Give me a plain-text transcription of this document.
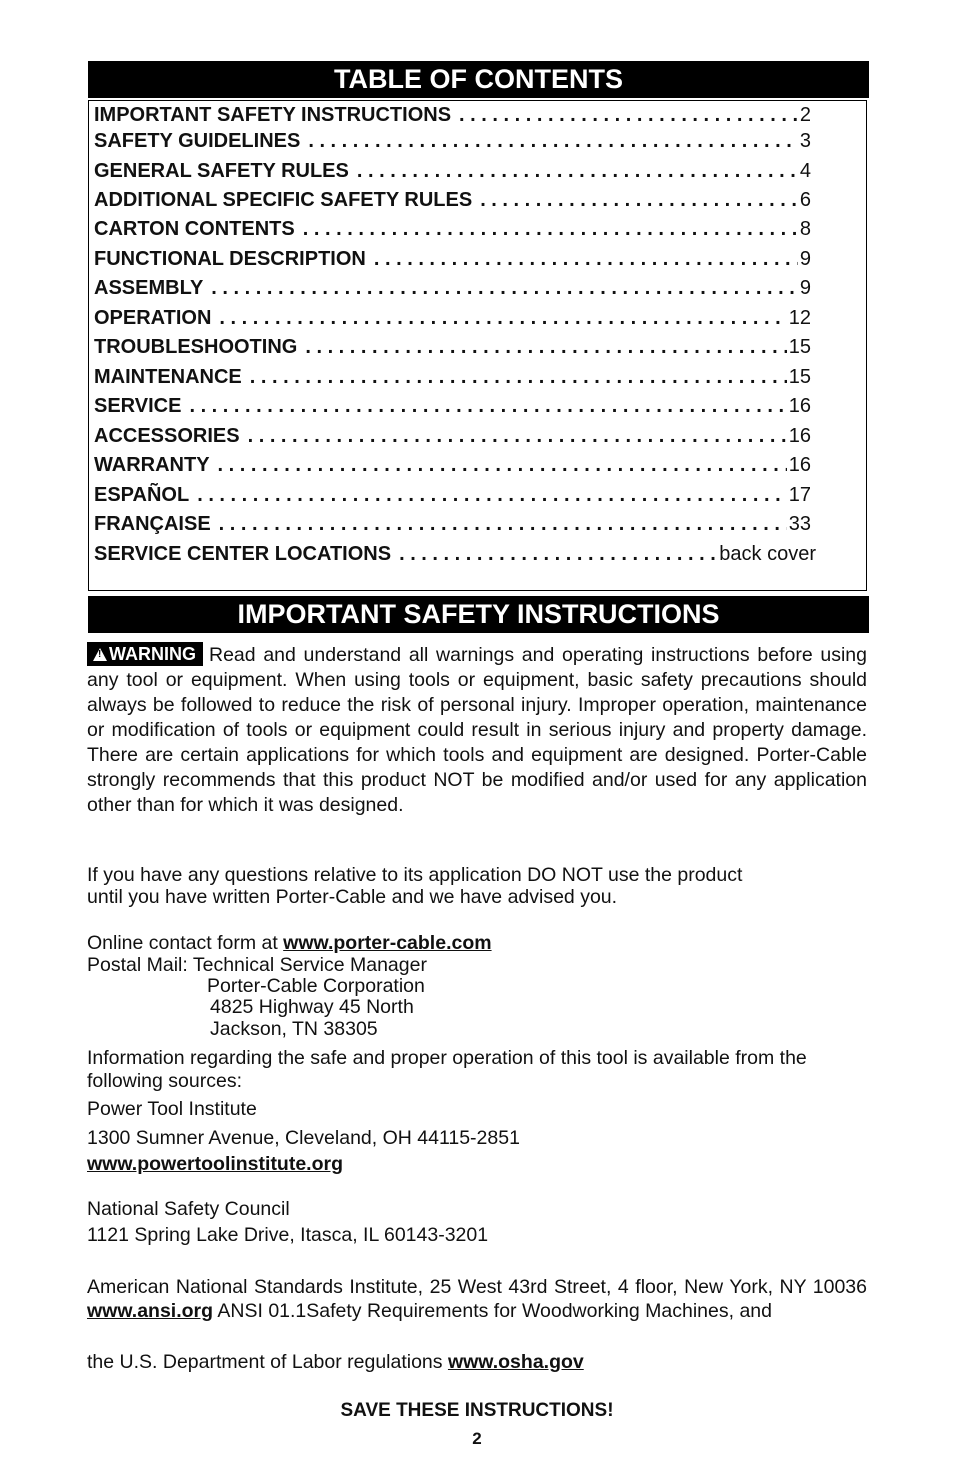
TABLE OF CONTENTS
IMPORTANT SAFETY INSTRUCTIONS . . .	2
SAFETY GUIDELINES . . .	3
GENERAL SAFETY RULES . . .	4
ADDITIONAL SPECIFIC SAFETY RULES . . .	6
CARTON CONTENTS . . .	8
FUNCTIONAL DESCRIPTION . . .	9
ASSEMBLY . . .	9
OPERATION . . .	12
TROUBLESHOOTING . . .	15
MAINTENANCE . . .	15
SERVICE . . .	16
ACCESSORIES . . .	16
WARRANTY . . .	16
ESPAÑOL . . .	17
FRANÇAISE . . .	33
SERVICE CENTER LOCATIONS . . .	back cover
IMPORTANT SAFETY INSTRUCTIONS
!WARNING Read and understand all warnings and operating instructions before using any tool or equipment. When using tools or equipment, basic safety precautions should always be followed to reduce the risk of personal injury. Improper operation, maintenance or modification of tools or equipment could result in serious injury and property damage. There are certain applications for which tools and equipment are designed. Porter-Cable strongly recommends that this product NOT be modified and/or used for any application other than for which it was designed.
If you have any questions relative to its application DO NOT use the product
until you have written Porter-Cable and we have advised you.
Online contact form at www.porter-cable.com
Postal Mail: Technical Service Manager
Porter-Cable Corporation
4825 Highway 45 North
Jackson, TN 38305
Information regarding the safe and proper operation of this tool is available from the following sources:
Power Tool Institute
1300 Sumner Avenue, Cleveland, OH 44115-2851
www.powertoolinstitute.org
National Safety Council
1121 Spring Lake Drive, Itasca, IL 60143-3201
American National Standards Institute, 25 West 43rd Street, 4 floor, New York, NY 10036 www.ansi.org ANSI 01.1Safety Requirements for Woodworking Machines, and
the U.S. Department of Labor regulations www.osha.gov
SAVE THESE INSTRUCTIONS!
2
